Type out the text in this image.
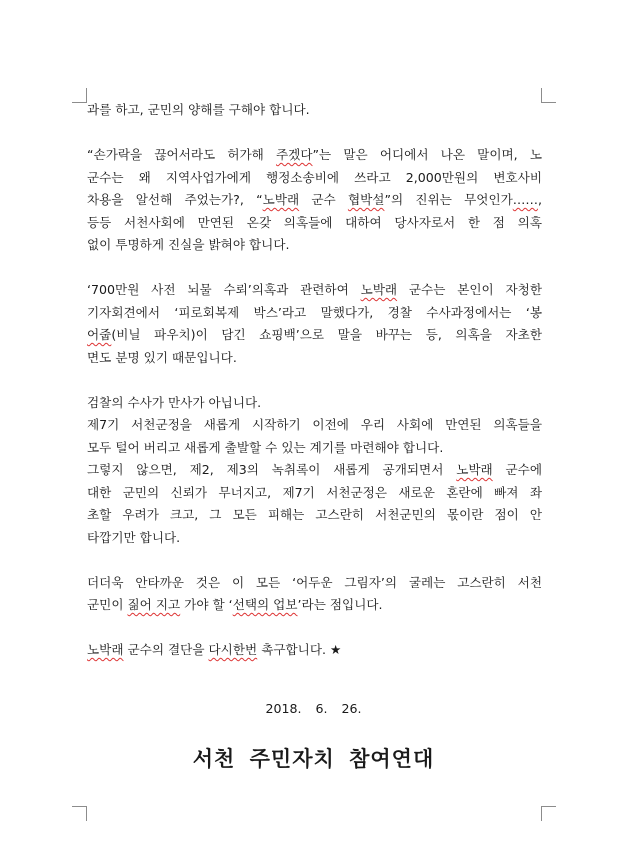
과를 하고, 군민의 양해를 구해야 합니다.
“손가락을 끊어서라도 허가해 주겠다”는 말은 어디에서 나온 말이며, 노
군수는 왜 지역사업가에게 행정소송비에 쓰라고 2,000만원의 변호사비
차용을 알선해 주었는가?, “노박래 군수 협박설”의 진위는 무엇인가……,
등등 서천사회에 만연된 온갖 의혹들에 대하여 당사자로서 한 점 의혹
없이 투명하게 진실을 밝혀야 합니다.
‘700만원 사전 뇌물 수뢰’의혹과 관련하여 노박래 군수는 본인이 자청한
기자회견에서 ‘피로회복제 박스’라고 말했다가, 경찰 수사과정에서는 ‘봉
어줍(비닐 파우치)이 담긴 쇼핑백’으로 말을 바꾸는 등, 의혹을 자초한
면도 분명 있기 때문입니다.
검찰의 수사가 만사가 아닙니다.
제7기 서천군정을 새롭게 시작하기 이전에 우리 사회에 만연된 의혹들을
모두 털어 버리고 새롭게 출발할 수 있는 계기를 마련해야 합니다.
그렇지 않으면, 제2, 제3의 녹취록이 새롭게 공개되면서 노박래 군수에
대한 군민의 신뢰가 무너지고, 제7기 서천군정은 새로운 혼란에 빠져 좌
초할 우려가 크고, 그 모든 피해는 고스란히 서천군민의 몫이란 점이 안
타깝기만 합니다.
더더욱 안타까운 것은 이 모든 ‘어두운 그림자’의 굴레는 고스란히 서천
군민이 짊어 지고 가야 할 ‘선택의 업보’라는 점입니다.
노박래 군수의 결단을 다시한번 촉구합니다. ★
2018. 6. 26.
서천 주민자치 참여연대
